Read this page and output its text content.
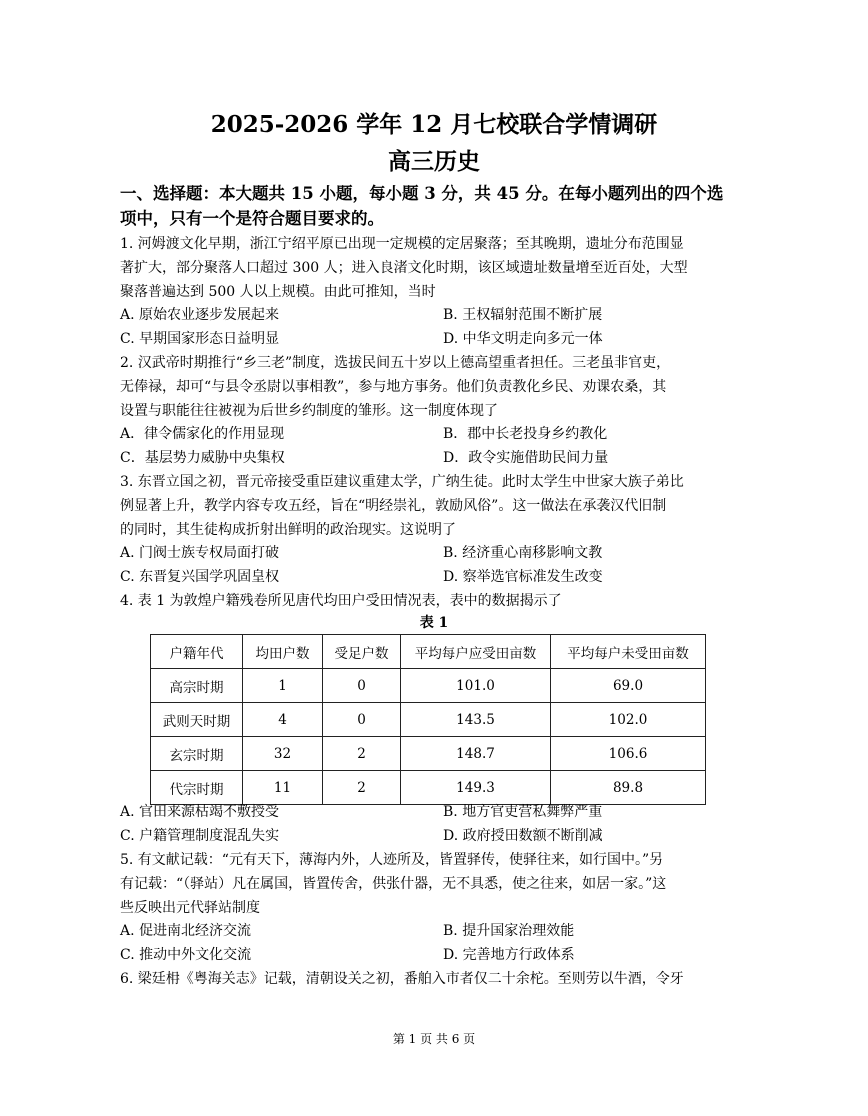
2025-2026 学年 12 月七校联合学情调研
高三历史
一、选择题：本大题共 15 小题，每小题 3 分，共 45 分。在每小题列出的四个选
项中，只有一个是符合题目要求的。
1. 河姆渡文化早期，浙江宁绍平原已出现一定规模的定居聚落；至其晚期，遗址分布范围显
著扩大，部分聚落人口超过 300 人；进入良渚文化时期，该区域遗址数量增至近百处，大型
聚落普遍达到 500 人以上规模。由此可推知，当时
A. 原始农业逐步发展起来	B. 王权辐射范围不断扩展
C. 早期国家形态日益明显	D. 中华文明走向多元一体
2. 汉武帝时期推行“乡三老”制度，选拔民间五十岁以上德高望重者担任。三老虽非官吏，
无俸禄，却可“与县令丞尉以事相教”，参与地方事务。他们负责教化乡民、劝课农桑，其
设置与职能往往被视为后世乡约制度的雏形。这一制度体现了
A．律令儒家化的作用显现	B．郡中长老投身乡约教化
C．基层势力威胁中央集权	D．政令实施借助民间力量
3. 东晋立国之初，晋元帝接受重臣建议重建太学，广纳生徒。此时太学生中世家大族子弟比
例显著上升，教学内容专攻五经，旨在“明经崇礼，敦励风俗”。这一做法在承袭汉代旧制
的同时，其生徒构成折射出鲜明的政治现实。这说明了
A. 门阀士族专权局面打破	B. 经济重心南移影响文教
C. 东晋复兴国学巩固皇权	D. 察举选官标准发生改变
4. 表 1 为敦煌户籍残卷所见唐代均田户受田情况表，表中的数据揭示了
表 1
户籍年代	均田户数	受足户数	平均每户应受田亩数	平均每户未受田亩数
高宗时期	1	0	101.0	69.0
武则天时期	4	0	143.5	102.0
玄宗时期	32	2	148.7	106.6
代宗时期	11	2	149.3	89.8
A. 官田来源枯竭不敷授受	B. 地方官吏营私舞弊严重
C. 户籍管理制度混乱失实	D. 政府授田数额不断削减
5. 有文献记载：“元有天下，薄海内外，人迹所及，皆置驿传，使驿往来，如行国中。”另
有记载：“（驿站）凡在属国，皆置传舍，供张什器，无不具悉，使之往来，如居一家。”这
些反映出元代驿站制度
A. 促进南北经济交流	B. 提升国家治理效能
C. 推动中外文化交流	D. 完善地方行政体系
6. 梁廷枏《粤海关志》记载，清朝设关之初，番舶入市者仅二十余柁。至则劳以牛酒，令牙
第 1 页 共 6 页
